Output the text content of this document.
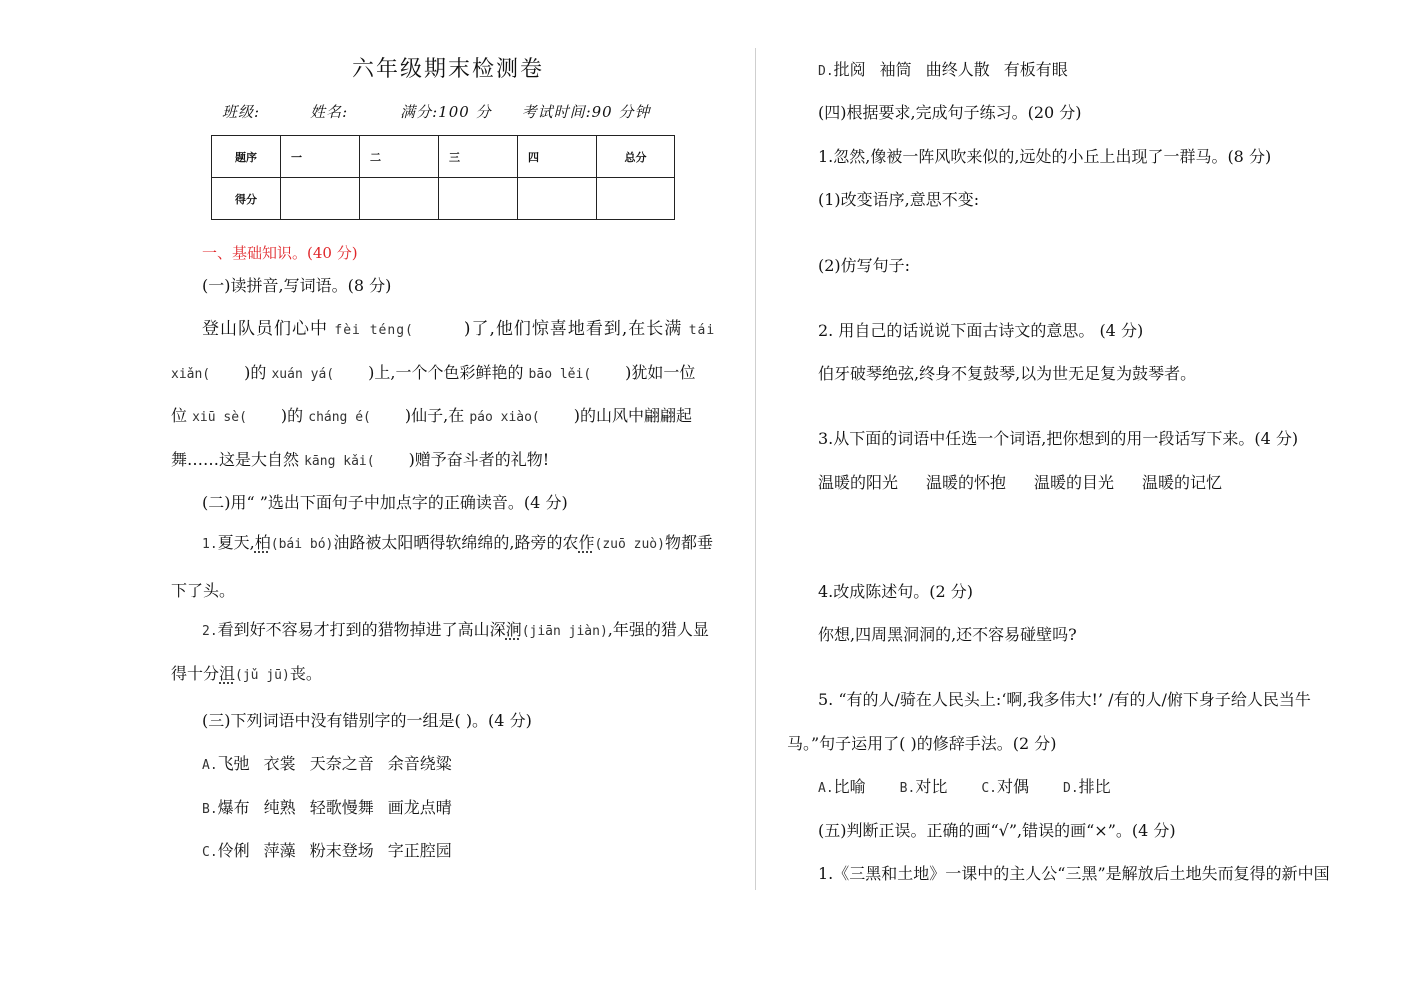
六年级期末检测卷
班级:	姓名:	满分:100 分 考试时间:90 分钟
题序	一	二	三	四	总分
得分					
一、基础知识。(40 分)
(一)读拼音,写词语。(8 分)
登山队员们心中 fèi téng(	)了,他们惊喜地看到,在长满 tái
xiǎn( )的 xuán yá( )上,一个个色彩鲜艳的 bāo lěi( )犹如一位
位 xiū sè( )的 cháng é( )仙子,在 páo xiào( )的山风中翩翩起
舞……这是大自然 kāng kǎi( )赠予奋斗者的礼物!
(二)用“ ”选出下面句子中加点字的正确读音。(4 分)
1.夏天,柏(bái bó)油路被太阳晒得软绵绵的,路旁的农作(zuō zuò)物都垂
下了头。
2.看到好不容易才打到的猎物掉进了高山深涧(jiān jiàn),年强的猎人显
得十分沮(jǔ jū)丧。
(三)下列词语中没有错别字的一组是( )。(4 分)
A.飞弛 衣裳 天奈之音 余音绕粱
B.爆布 纯熟 轻歌慢舞 画龙点晴
C.伶俐 萍藻 粉末登场 字正腔园
D.批阅 袖筒 曲终人散 有板有眼
(四)根据要求,完成句子练习。(20 分)
1.忽然,像被一阵风吹来似的,远处的小丘上出现了一群马。(8 分)
(1)改变语序,意思不变:
(2)仿写句子:
2. 用自己的话说说下面古诗文的意思。 (4 分)
伯牙破琴绝弦,终身不复鼓琴,以为世无足复为鼓琴者。
3.从下面的词语中任选一个词语,把你想到的用一段话写下来。(4 分)
温暖的阳光 温暖的怀抱 温暖的目光 温暖的记忆
4.改成陈述句。(2 分)
你想,四周黑洞洞的,还不容易碰壁吗?
5. “有的人/骑在人民头上:‘啊,我多伟大!’ /有的人/俯下身子给人民当牛
马。”句子运用了( )的修辞手法。(2 分)
A.比喻	B.对比	C.对偶	D.排比
(五)判断正误。正确的画“√”,错误的画“×”。(4 分)
1.《三黑和土地》一课中的主人公“三黑”是解放后土地失而复得的新中国
